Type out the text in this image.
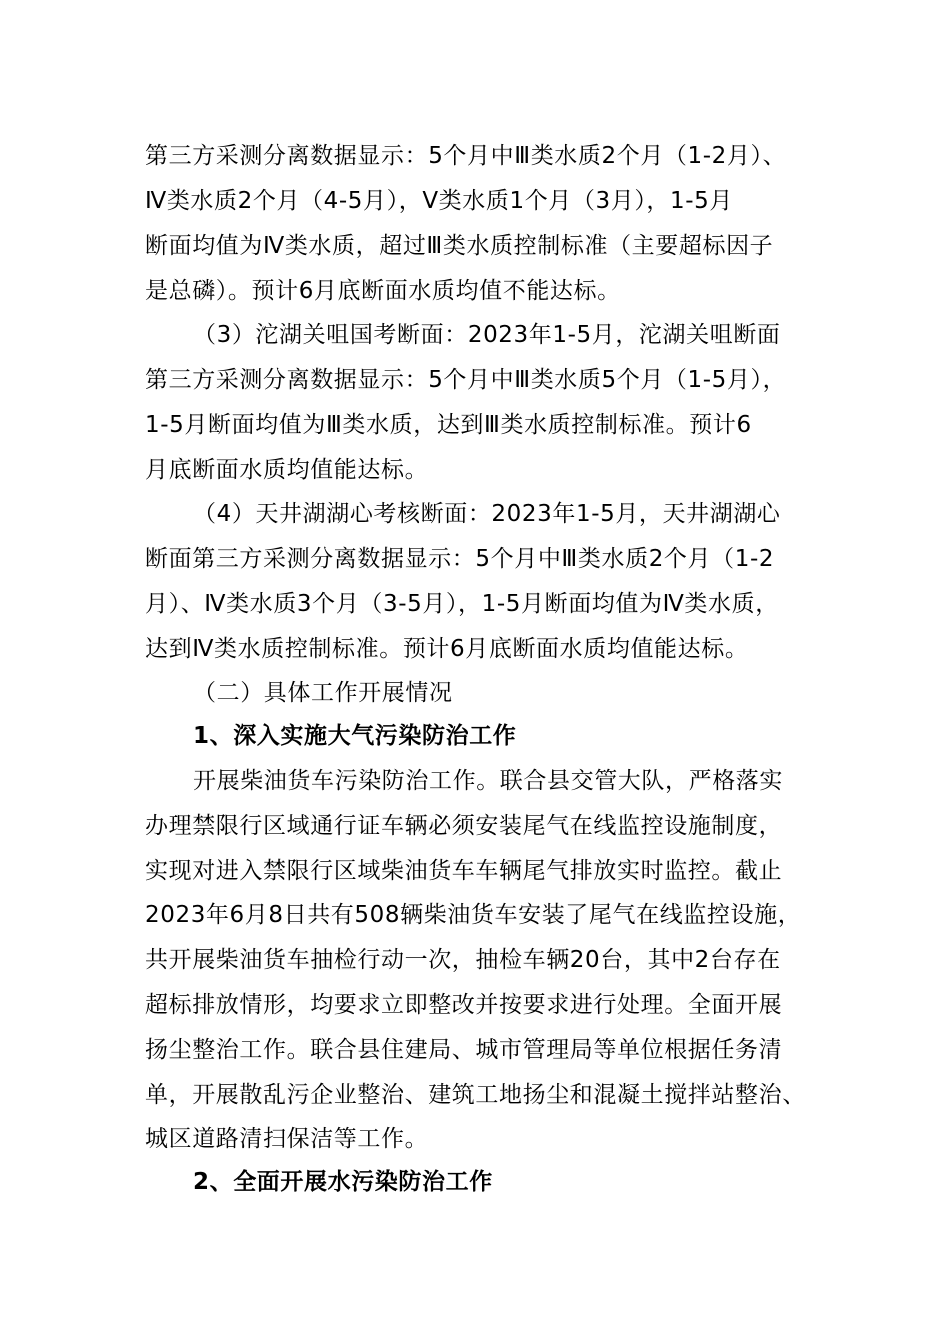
第三方采测分离数据显示：5个月中Ⅲ类水质2个月（1-2月）、
Ⅳ类水质2个月（4-5月），Ⅴ类水质1个月（3月），1-5月
断面均值为Ⅳ类水质，超过Ⅲ类水质控制标准（主要超标因子
是总磷）。预计6月底断面水质均值不能达标。
（3）沱湖关咀国考断面：2023年1-5月，沱湖关咀断面
第三方采测分离数据显示：5个月中Ⅲ类水质5个月（1-5月），
1-5月断面均值为Ⅲ类水质，达到Ⅲ类水质控制标准。预计6
月底断面水质均值能达标。
（4）天井湖湖心考核断面：2023年1-5月，天井湖湖心
断面第三方采测分离数据显示：5个月中Ⅲ类水质2个月（1-2
月）、Ⅳ类水质3个月（3-5月），1-5月断面均值为Ⅳ类水质，
达到Ⅳ类水质控制标准。预计6月底断面水质均值能达标。
（二）具体工作开展情况
1、深入实施大气污染防治工作
开展柴油货车污染防治工作。联合县交管大队，严格落实
办理禁限行区域通行证车辆必须安装尾气在线监控设施制度，
实现对进入禁限行区域柴油货车车辆尾气排放实时监控。截止
2023年6月8日共有508辆柴油货车安装了尾气在线监控设施，
共开展柴油货车抽检行动一次，抽检车辆20台，其中2台存在
超标排放情形，均要求立即整改并按要求进行处理。全面开展
扬尘整治工作。联合县住建局、城市管理局等单位根据任务清
单，开展散乱污企业整治、建筑工地扬尘和混凝土搅拌站整治、
城区道路清扫保洁等工作。
2、全面开展水污染防治工作
